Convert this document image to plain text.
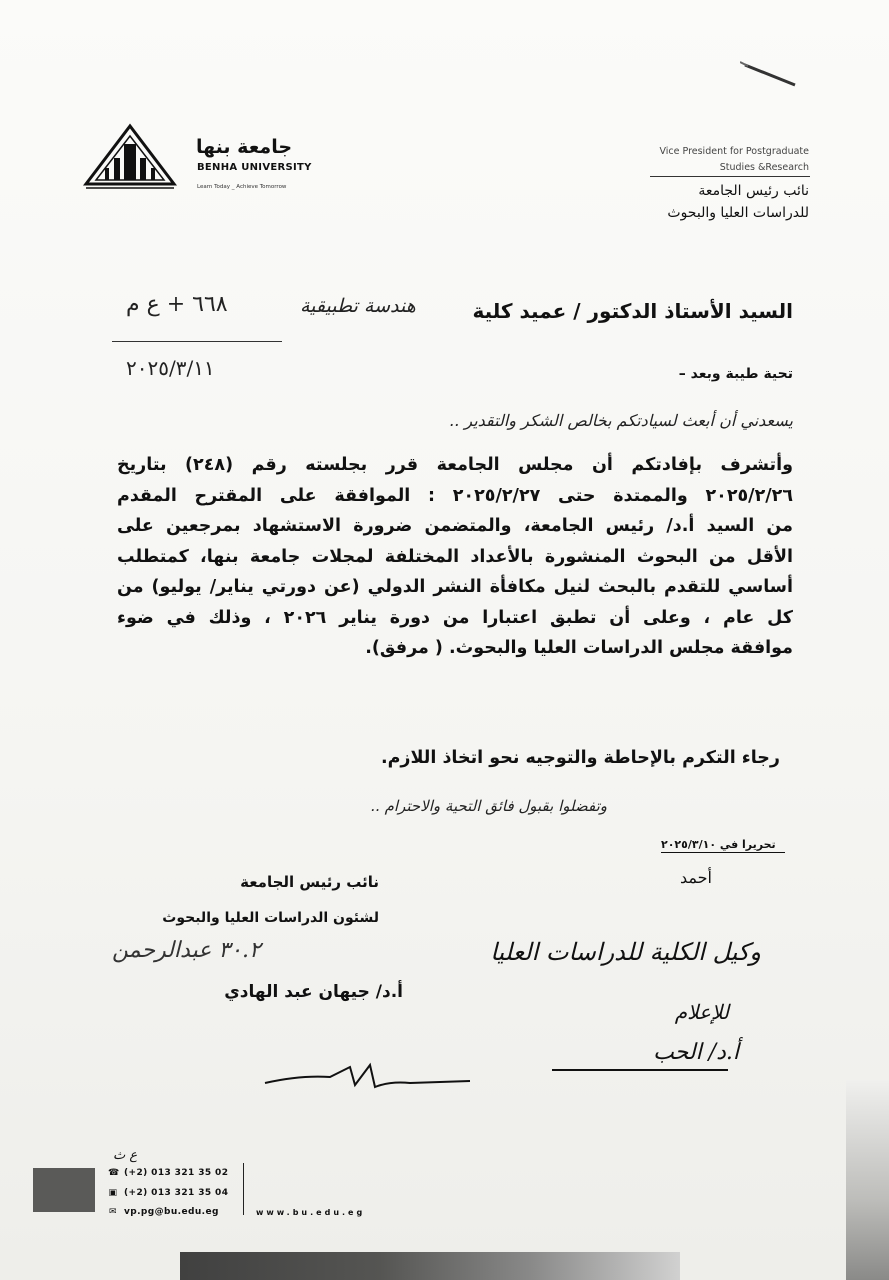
جامعة بنها
BENHA UNIVERSITY
Learn Today _ Achieve Tomorrow
Vice President for Postgraduate
Studies &Research
نائب رئيس الجامعة
للدراسات العليا والبحوث
السيد الأستاذ الدكتور / عميد كلية
هندسة تطبيقية
٦٦٨ + ع م
٢٠٢٥/٣/١١	تحية طيبة وبعد –
يسعدني أن أبعث لسيادتكم بخالص الشكر والتقدير ..
وأتشرف بإفادتكم أن مجلس الجامعة قرر بجلسته رقم (٢٤٨) بتاريخ
٢٠٢٥/٢/٢٦ والممتدة حتى ٢٠٢٥/٢/٢٧ : الموافقة على المقترح المقدم
من السيد أ.د/ رئيس الجامعة، والمتضمن ضرورة الاستشهاد بمرجعين على
الأقل من البحوث المنشورة بالأعداد المختلفة لمجلات جامعة بنها، كمتطلب
أساسي للتقدم بالبحث لنيل مكافأة النشر الدولي (عن دورتي يناير/ يوليو) من
كل عام ، وعلى أن تطبق اعتبارا من دورة يناير ٢٠٢٦ ، وذلك في ضوء
موافقة مجلس الدراسات العليا والبحوث. ( مرفق).
رجاء التكرم بالإحاطة والتوجيه نحو اتخاذ اللازم.
وتفضلوا بقبول فائق التحية والاحترام ..
تحريرا في ٢٠٢٥/٣/١٠
أحمد
نائب رئيس الجامعة
لشئون الدراسات العليا والبحوث
٣٠.٢ عبدالرحمن
أ.د/ جيهان عبد الهادي
وكيل الكلية للدراسات العليا
للإعلام
أ.د/ الحب
ع ث
☎ (+2) 013 321 35 02
▣ (+2) 013 321 35 04
✉ vp.pg@bu.edu.eg	www.bu.edu.eg
